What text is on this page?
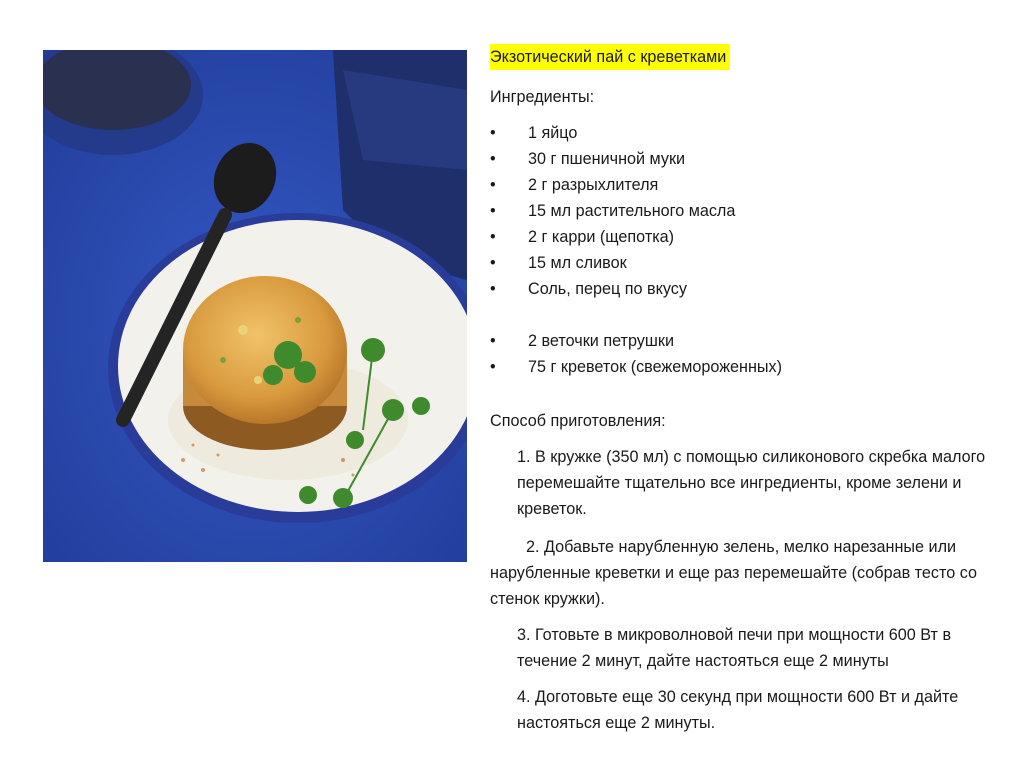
Экзотический пай с креветками
Ингредиенты:
• 1 яйцо
• 30 г пшеничной муки
• 2 г разрыхлителя
• 15 мл растительного масла
• 2 г карри (щепотка)
• 15 мл сливок
• Соль, перец по вкусу
• 2 веточки петрушки
• 75 г креветок (свежемороженных)
Способ приготовления:
1. В кружке (350 мл) с помощью силиконового скребка малого перемешайте тщательно все ингредиенты, кроме зелени и креветок.
2. Добавьте нарубленную зелень, мелко нарезанные или нарубленные креветки и еще раз перемешайте (собрав тесто со стенок кружки).
3. Готовьте в микроволновой печи при мощности 600 Вт в течение 2 минут, дайте настояться еще 2 минуты
4. Доготовьте еще 30 секунд при мощности 600 Вт и дайте настояться еще 2 минуты.
